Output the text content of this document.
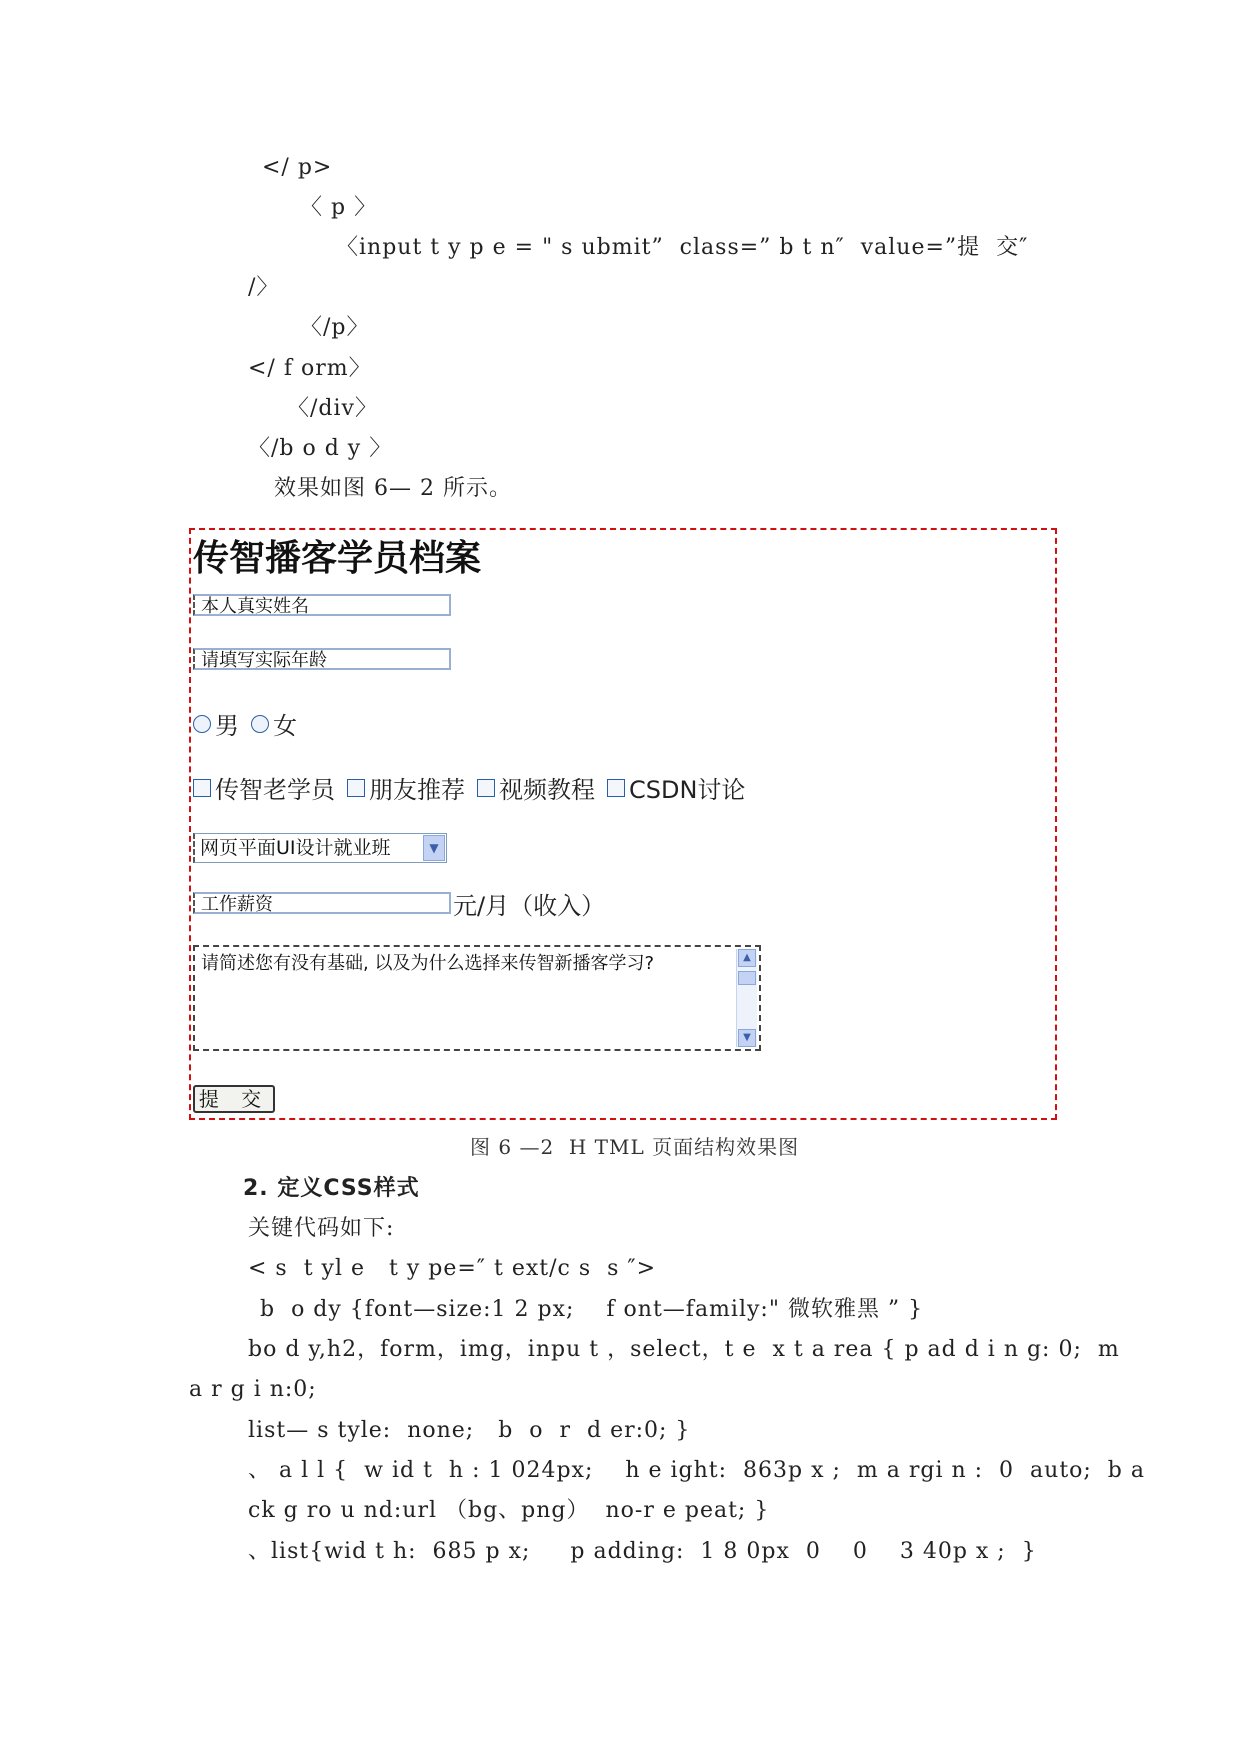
</ p>
〈 p 〉
〈input t y p e = " s ubmit”  class=” b t n″  value=”提  交″
/〉
〈/p〉
</ f orm〉
〈/div〉
〈/b o d y 〉
效果如图 6— 2 所示。
传智播客学员档案
本人真实姓名
请填写实际年龄
男 女
传智老学员 朋友推荐 视频教程 CSDN讨论
网页平面UI设计就业班	▼
工作薪资	元/月（收入）
请简述您有没有基础, 以及为什么选择来传智新播客学习?	▲
▼
提 交
图 6 —2  H TML 页面结构效果图
2. 定义CSS样式
关键代码如下:
< s  t yl e   t y pe=″ t ext/c s  s ″>
b  o dy {font—size:1 2 px;    f ont—family:" 微软雅黑 ” }
bo d y,h2，form，img，inpu t ，select，t e  x t a rea { p ad d i n g: 0;  m
a r g i n:0;
list— s tyle:  none;   b  o  r  d er:0; }
、 a l l {  w id t  h : 1 024px;    h e ight:  863p x ;  m a rgi n :  0  auto;  b a
ck g ro u nd:url （bg、png）  no-r e peat; }
、list{wid t h:  685 p x;     p adding:  1 8 0px  0    0    3 40p x ;  }
